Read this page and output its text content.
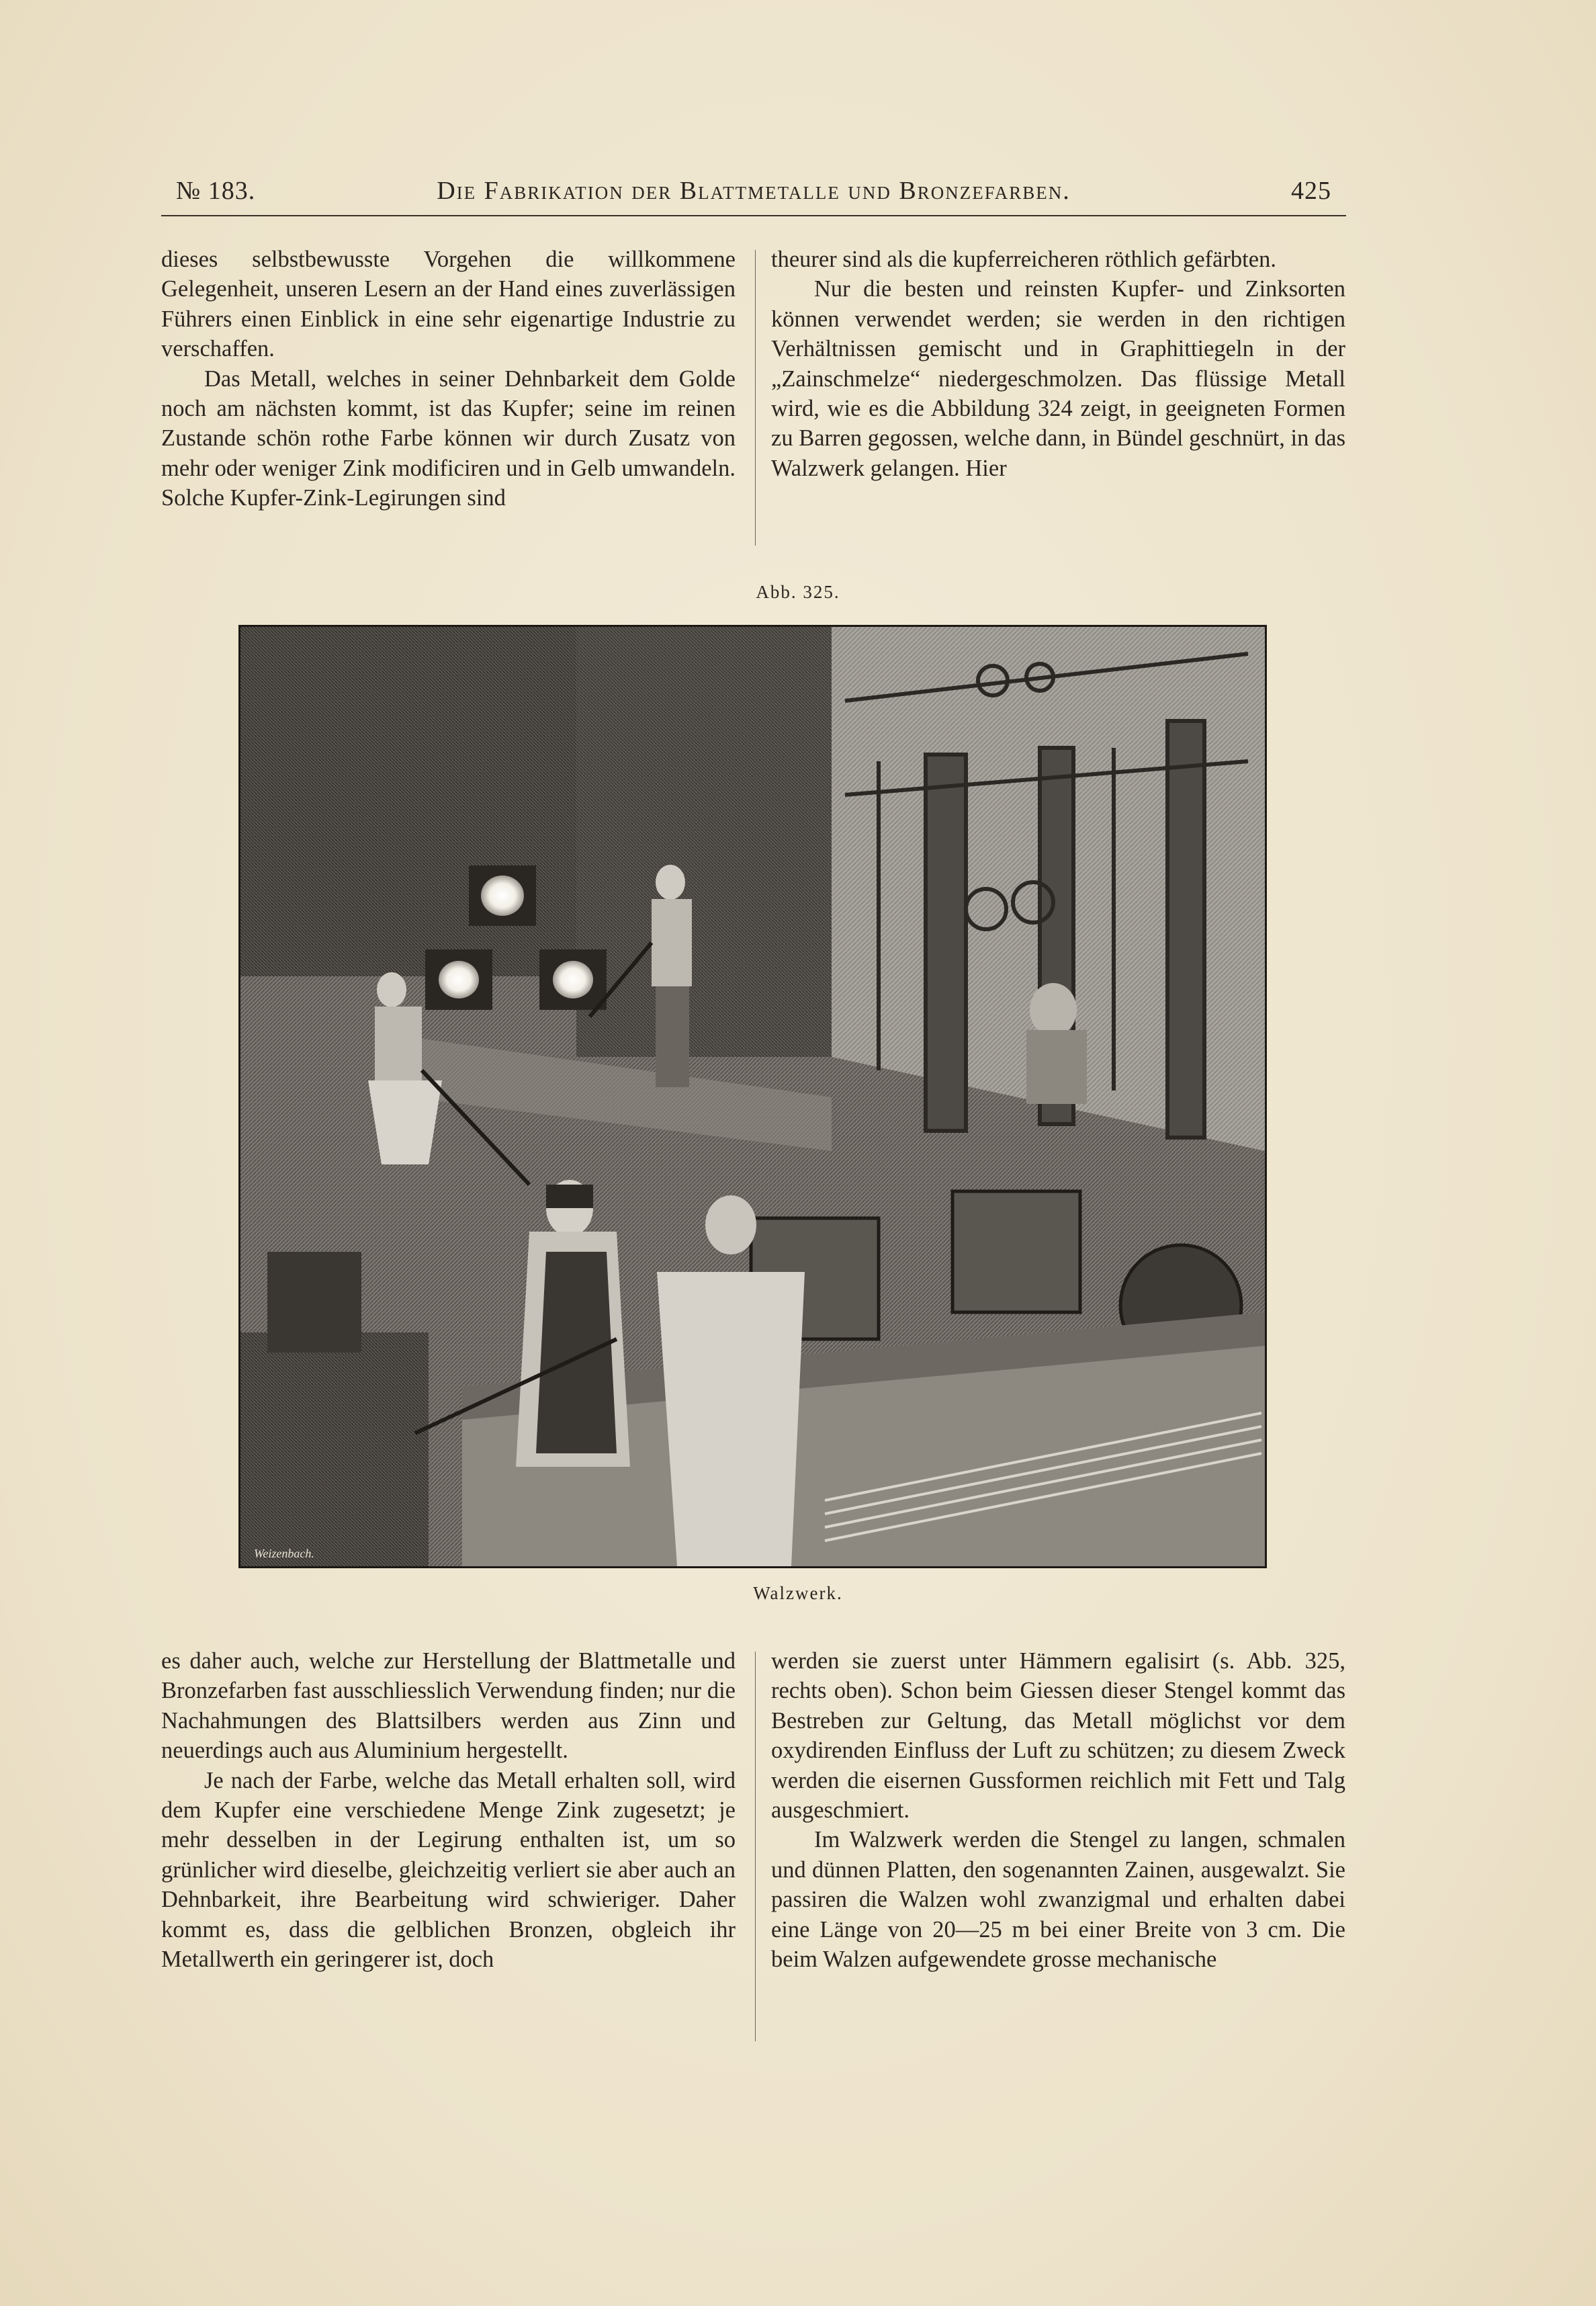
№ 183.	Die Fabrikation der Blattmetalle und Bronzefarben.	425

dieses selbstbewusste Vorgehen die willkommene Gelegenheit, unseren Lesern an der Hand eines zuverlässigen Führers einen Einblick in eine sehr eigenartige Industrie zu verschaffen.

Das Metall, welches in seiner Dehnbarkeit dem Golde noch am nächsten kommt, ist das Kupfer; seine im reinen Zustande schön rothe Farbe können wir durch Zusatz von mehr oder weniger Zink modificiren und in Gelb umwandeln. Solche Kupfer-Zink-Legirungen sind

theurer sind als die kupferreicheren röthlich gefärbten.

Nur die besten und reinsten Kupfer- und Zinksorten können verwendet werden; sie werden in den richtigen Verhältnissen gemischt und in Graphittiegeln in der „Zainschmelze“ niedergeschmolzen. Das flüssige Metall wird, wie es die Abbildung 324 zeigt, in geeigneten Formen zu Barren gegossen, welche dann, in Bündel geschnürt, in das Walzwerk gelangen. Hier

Abb. 325.
Weizenbach.
Walzwerk.

es daher auch, welche zur Herstellung der Blattmetalle und Bronzefarben fast ausschliesslich Verwendung finden; nur die Nachahmungen des Blattsilbers werden aus Zinn und neuerdings auch aus Aluminium hergestellt.

Je nach der Farbe, welche das Metall erhalten soll, wird dem Kupfer eine verschiedene Menge Zink zugesetzt; je mehr desselben in der Legirung enthalten ist, um so grünlicher wird dieselbe, gleichzeitig verliert sie aber auch an Dehnbarkeit, ihre Bearbeitung wird schwieriger. Daher kommt es, dass die gelblichen Bronzen, obgleich ihr Metallwerth ein geringerer ist, doch

werden sie zuerst unter Hämmern egalisirt (s. Abb. 325, rechts oben). Schon beim Giessen dieser Stengel kommt das Bestreben zur Geltung, das Metall möglichst vor dem oxydirenden Einfluss der Luft zu schützen; zu diesem Zweck werden die eisernen Gussformen reichlich mit Fett und Talg ausgeschmiert.

Im Walzwerk werden die Stengel zu langen, schmalen und dünnen Platten, den sogenannten Zainen, ausgewalzt. Sie passiren die Walzen wohl zwanzigmal und erhalten dabei eine Länge von 20—25 m bei einer Breite von 3 cm. Die beim Walzen aufgewendete grosse mechanische
